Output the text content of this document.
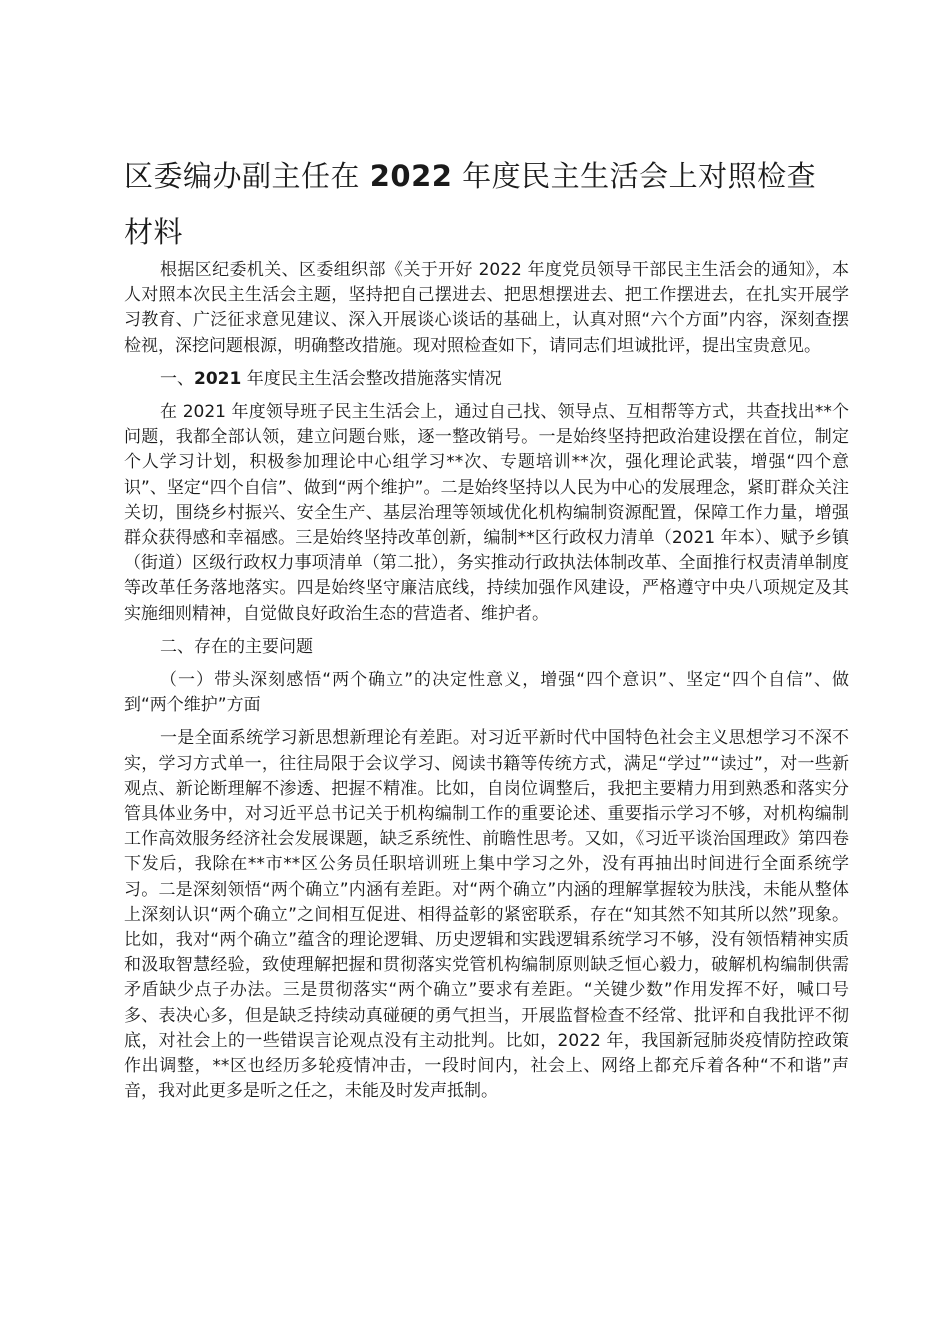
区委编办副主任在 2022 年度民主生活会上对照检查材料

根据区纪委机关、区委组织部《关于开好 2022 年度党员领导干部民主生活会的通知》，本人对照本次民主生活会主题，坚持把自己摆进去、把思想摆进去、把工作摆进去，在扎实开展学习教育、广泛征求意见建议、深入开展谈心谈话的基础上，认真对照“六个方面”内容，深刻查摆检视，深挖问题根源，明确整改措施。现对照检查如下，请同志们坦诚批评，提出宝贵意见。

一、2021 年度民主生活会整改措施落实情况

在 2021 年度领导班子民主生活会上，通过自己找、领导点、互相帮等方式，共查找出**个问题，我都全部认领，建立问题台账，逐一整改销号。一是始终坚持把政治建设摆在首位，制定个人学习计划，积极参加理论中心组学习**次、专题培训**次，强化理论武装，增强“四个意识”、坚定“四个自信”、做到“两个维护”。二是始终坚持以人民为中心的发展理念，紧盯群众关注关切，围绕乡村振兴、安全生产、基层治理等领域优化机构编制资源配置，保障工作力量，增强群众获得感和幸福感。三是始终坚持改革创新，编制**区行政权力清单（2021 年本）、赋予乡镇（街道）区级行政权力事项清单（第二批），务实推动行政执法体制改革、全面推行权责清单制度等改革任务落地落实。四是始终坚守廉洁底线，持续加强作风建设，严格遵守中央八项规定及其实施细则精神，自觉做良好政治生态的营造者、维护者。

二、存在的主要问题

（一）带头深刻感悟“两个确立”的决定性意义，增强“四个意识”、坚定“四个自信”、做到“两个维护”方面

一是全面系统学习新思想新理论有差距。对习近平新时代中国特色社会主义思想学习不深不实，学习方式单一，往往局限于会议学习、阅读书籍等传统方式，满足“学过”“读过”，对一些新观点、新论断理解不渗透、把握不精准。比如，自岗位调整后，我把主要精力用到熟悉和落实分管具体业务中，对习近平总书记关于机构编制工作的重要论述、重要指示学习不够，对机构编制工作高效服务经济社会发展课题，缺乏系统性、前瞻性思考。又如，《习近平谈治国理政》第四卷下发后，我除在**市**区公务员任职培训班上集中学习之外，没有再抽出时间进行全面系统学习。二是深刻领悟“两个确立”内涵有差距。对“两个确立”内涵的理解掌握较为肤浅，未能从整体上深刻认识“两个确立”之间相互促进、相得益彰的紧密联系，存在“知其然不知其所以然”现象。比如，我对“两个确立”蕴含的理论逻辑、历史逻辑和实践逻辑系统学习不够，没有领悟精神实质和汲取智慧经验，致使理解把握和贯彻落实党管机构编制原则缺乏恒心毅力，破解机构编制供需矛盾缺少点子办法。三是贯彻落实“两个确立”要求有差距。“关键少数”作用发挥不好，喊口号多、表决心多，但是缺乏持续动真碰硬的勇气担当，开展监督检查不经常、批评和自我批评不彻底，对社会上的一些错误言论观点没有主动批判。比如，2022 年，我国新冠肺炎疫情防控政策作出调整，**区也经历多轮疫情冲击，一段时间内，社会上、网络上都充斥着各种“不和谐”声音，我对此更多是听之任之，未能及时发声抵制。
